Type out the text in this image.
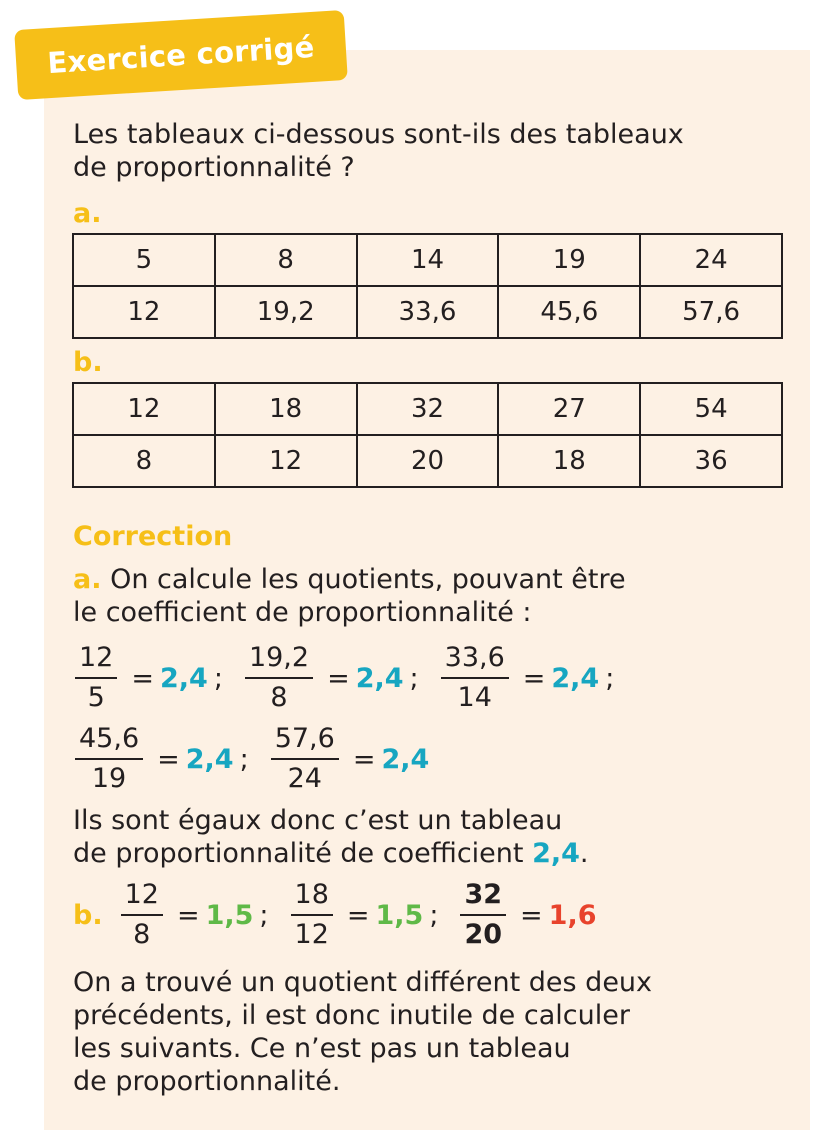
Exercice corrigé

Les tableaux ci-dessous sont-ils des tableaux
de proportionnalité ?

a.
5	8	14	19	24
12	19,2	33,6	45,6	57,6
b.
12	18	32	27	54
8	12	20	18	36
Correction

a. On calcule les quotients, pouvant être
le coefficient de proportionnalité :

$\frac{12}{5} = 2,4$ ; $\frac{19,2}{8} = 2,4$ ; $\frac{33,6}{14} = 2,4$ ;
$\frac{45,6}{19} = 2,4$ ; $\frac{57,6}{24} = 2,4$

Ils sont égaux donc c’est un tableau
de proportionnalité de coefficient 2,4.

b. $\frac{12}{8} = 1,5$ ; $\frac{18}{12} = 1,5$ ; $\frac{32}{20} = 1,6$

On a trouvé un quotient différent des deux
précédents, il est donc inutile de calculer
les suivants. Ce n’est pas un tableau
de proportionnalité.
